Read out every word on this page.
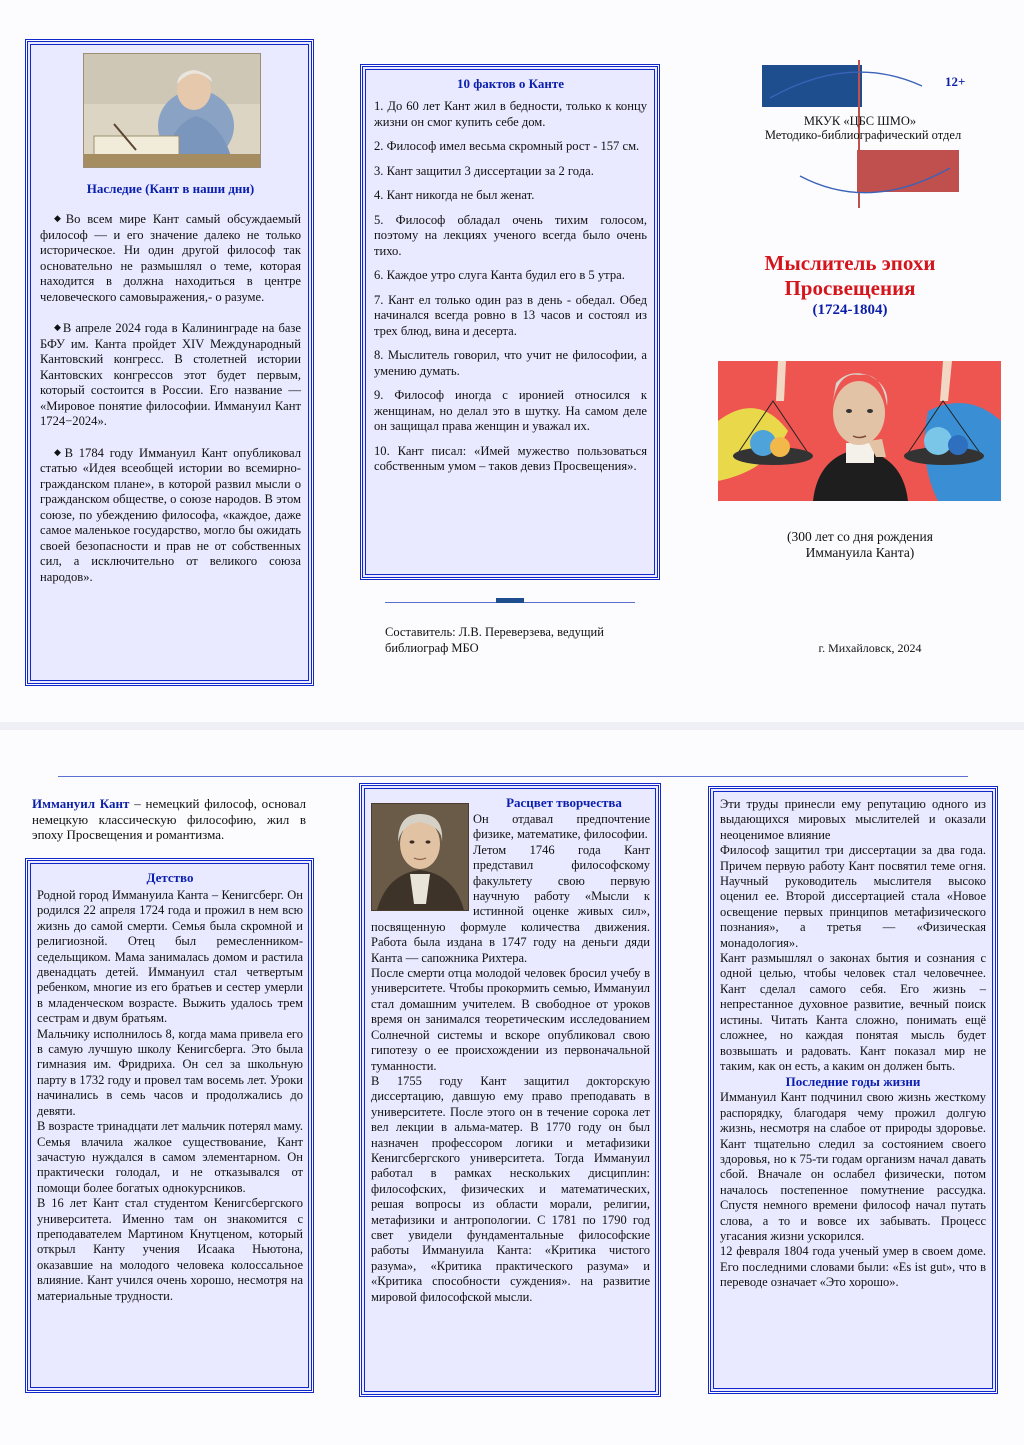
Наследие (Кант в наши дни)

◆Во всем мире Кант самый обсуждаемый философ — и его значение далеко не только историческое. Ни один другой философ так основательно не размышлял о теме, которая находится в должна находиться в центре человеческого самовыражения,- о разуме.

◆В апреле 2024 года в Калининграде на базе БФУ им. Канта пройдет XIV Международный Кантовский конгресс. В столетней истории Кантовских конгрессов этот будет первым, который состоится в России. Его название — «Мировое понятие философии. Иммануил Кант 1724−2024».

◆В 1784 году Иммануил Кант опубликовал статью «Идея всеобщей истории во всемирно-гражданском плане», в которой развил мысли о гражданском обществе, о союзе народов. В этом союзе, по убеждению философа, «каждое, даже самое маленькое государство, могло бы ожидать своей безопасности и прав не от собственных сил, а исключительно от великого союза народов».

10 фактов о Канте

1. До 60 лет Кант жил в бедности, только к концу жизни он смог купить себе дом.

2. Философ имел весьма скромный рост - 157 см.

3. Кант защитил 3 диссертации за 2 года.

4. Кант никогда не был женат.

5. Философ обладал очень тихим голосом, поэтому на лекциях ученого всегда было очень тихо.

6. Каждое утро слуга Канта будил его в 5 утра.

7. Кант ел только один раз в день - обедал. Обед начинался всегда ровно в 13 часов и состоял из трех блюд, вина и десерта.

8. Мыслитель говорил, что учит не философии, а умению думать.

9. Философ иногда с иронией относился к женщинам, но делал это в шутку. На самом деле он защищал права женщин и уважал их.

10. Кант писал: «Имей мужество пользоваться собственным умом – таков девиз Просвещения».

Составитель: Л.В. Переверзева, ведущий библиограф МБО
12+
МКУК «ЦБС ШМО»
Методико-библиографический отдел
Мыслитель эпохи
Просвещения
(1724-1804)
(300 лет со дня рождения
Иммануила Канта)
г. Михайловск, 2024
Иммануил Кант – немецкий философ, основал немецкую классическую философию, жил в эпоху Просвещения и романтизма.
Детство

Родной город Иммануила Канта – Кенигсберг. Он родился 22 апреля 1724 года и прожил в нем всю жизнь до самой смерти. Семья была скромной и религиозной. Отец был ремесленником-седельщиком. Мама занималась домом и растила двенадцать детей. Иммануил стал четвертым ребенком, многие из его братьев и сестер умерли в младенческом возрасте. Выжить удалось трем сестрам и двум братьям.

Мальчику исполнилось 8, когда мама привела его в самую лучшую школу Кенигсберга. Это была гимназия им. Фридриха. Он сел за школьную парту в 1732 году и провел там восемь лет. Уроки начинались в семь часов и продолжались до девяти.

В возрасте тринадцати лет мальчик потерял маму. Семья влачила жалкое существование, Кант зачастую нуждался в самом элементарном. Он практически голодал, и не отказывался от помощи более богатых однокурсников.

В 16 лет Кант стал студентом Кенигсбергского университета. Именно там он знакомится с преподавателем Мартином Кнутценом, который открыл Канту учения Исаака Ньютона, оказавшие на молодого человека колоссальное влияние. Кант учился очень хорошо, несмотря на материальные трудности.

Расцвет творчества

Он отдавал предпочтение физике, математике, философии.

Летом 1746 года Кант представил философскому факультету свою первую научную работу «Мысли к истинной оценке живых сил», посвященную формуле количества движения. Работа была издана в 1747 году на деньги дяди Канта — сапожника Рихтера.

После смерти отца молодой человек бросил учебу в университете. Чтобы прокормить семью, Иммануил стал домашним учителем. В свободное от уроков время он занимался теоретическим исследованием Солнечной системы и вскоре опубликовал свою гипотезу о ее происхождении из первоначальной туманности.

В 1755 году Кант защитил докторскую диссертацию, давшую ему право преподавать в университете. После этого он в течение сорока лет вел лекции в альма-матер. В 1770 году он был назначен профессором логики и метафизики Кенигсбергского университета. Тогда Иммануил работал в рамках нескольких дисциплин: философских, физических и математических, решая вопросы из области морали, религии, метафизики и антропологии. С 1781 по 1790 год свет увидели фундаментальные философские работы Иммануила Канта: «Критика чистого разума», «Критика практического разума» и «Критика способности суждения». на развитие мировой философской мысли.

Эти труды принесли ему репутацию одного из выдающихся мировых мыслителей и оказали неоценимое влияние

Философ защитил три диссертации за два года. Причем первую работу Кант посвятил теме огня. Научный руководитель мыслителя высоко оценил ее. Второй диссертацией стала «Новое освещение первых принципов метафизического познания», а третья — «Физическая монадология».

Кант размышлял о законах бытия и сознания с одной целью, чтобы человек стал человечнее. Кант сделал самого себя. Его жизнь – непрестанное духовное развитие, вечный поиск истины. Читать Канта сложно, понимать ещё сложнее, но каждая понятая мысль будет возвышать и радовать. Кант показал мир не таким, как он есть, а каким он должен быть.

Последние годы жизни

Иммануил Кант подчинил свою жизнь жесткому распорядку, благодаря чему прожил долгую жизнь, несмотря на слабое от природы здоровье. Кант тщательно следил за состоянием своего здоровья, но к 75-ти годам организм начал давать сбой. Вначале он ослабел физически, потом началось постепенное помутнение рассудка. Спустя немного времени философ начал путать слова, а то и вовсе их забывать. Процесс угасания жизни ускорился.

12 февраля 1804 года ученый умер в своем доме. Его последними словами были: «Es ist gut», что в переводе означает «Это хорошо».
